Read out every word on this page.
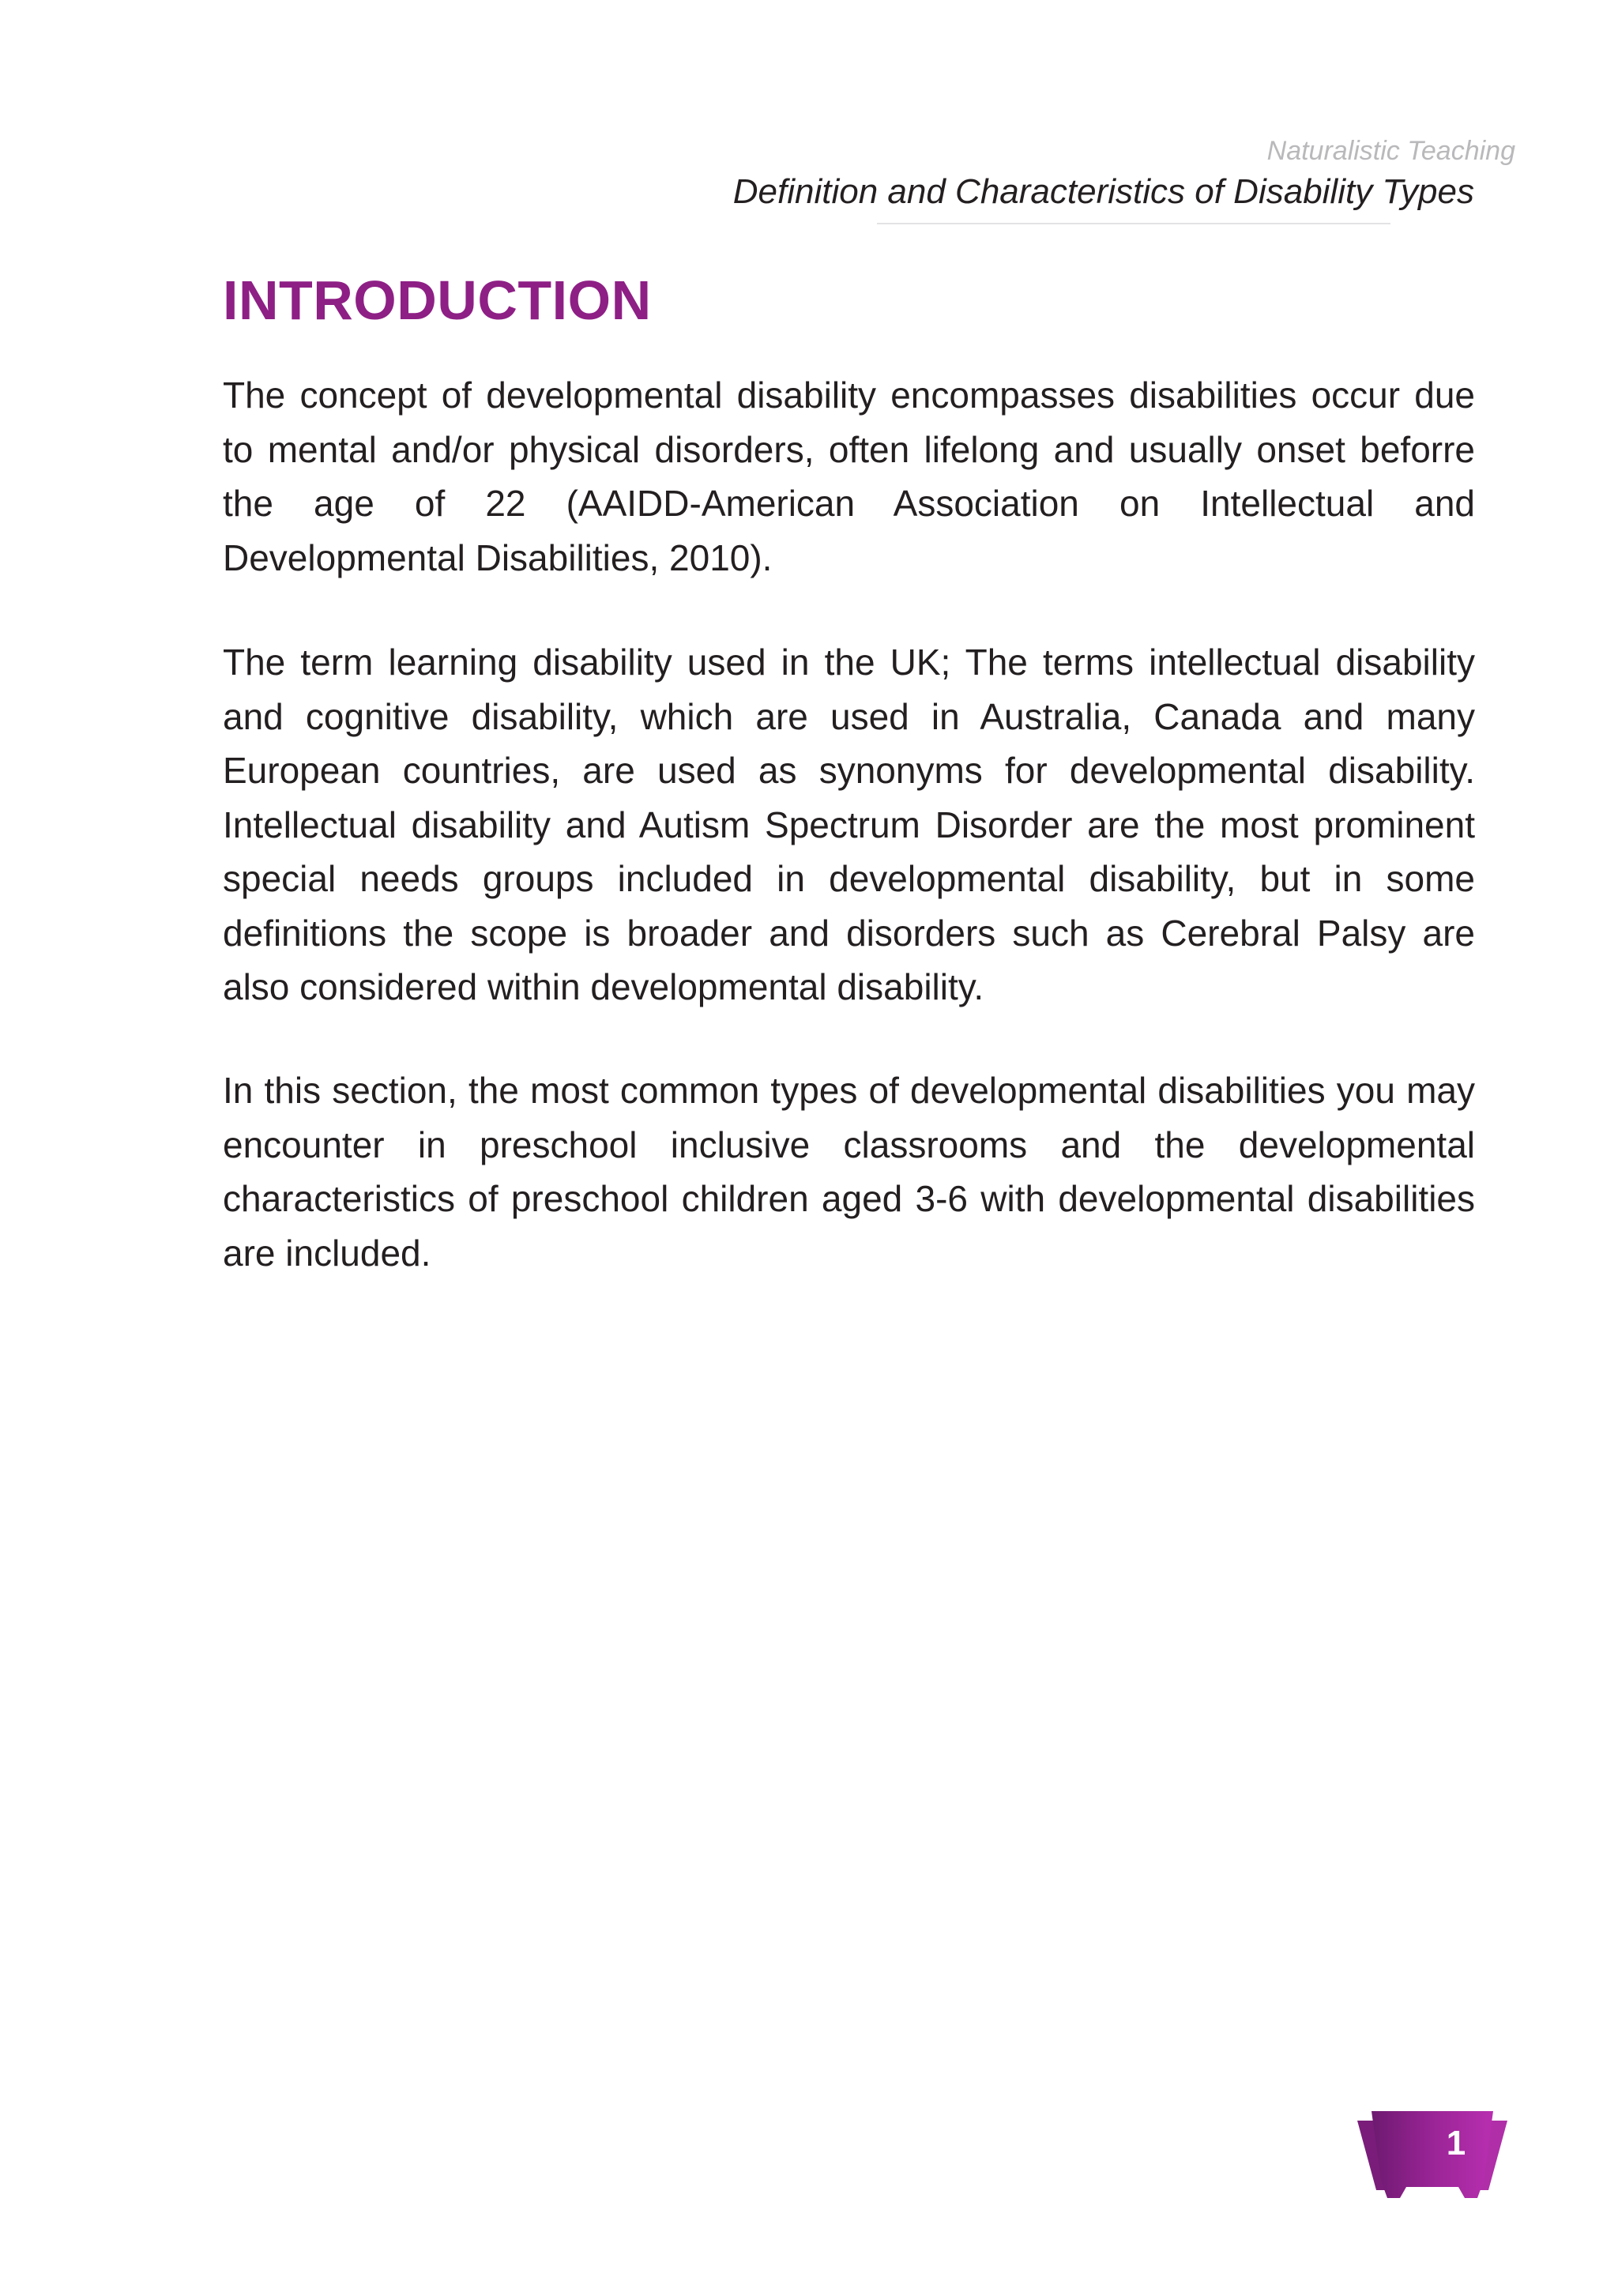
Naturalistic Teaching
Definition and Characteristics of Disability Types
INTRODUCTION

The concept of developmental disability encompasses disabilities occur due to mental and/or physical disorders, often lifelong and usually onset beforre the age of 22 (AAIDD-American Association on Intellectual and Developmental Disabilities, 2010).

The term learning disability used in the UK; The terms intellectual disability and cognitive disability, which are used in Australia, Canada and many European countries, are used as synonyms for developmental disability. Intellectual disability and Autism Spectrum Disorder are the most prominent special needs groups included in developmental disability, but in some definitions the scope is broader and disorders such as Cerebral Palsy are also considered within developmental disability.

In this section, the most common types of developmental disabilities you may encounter in preschool inclusive classrooms and the developmental characteristics of preschool children aged 3-6 with developmental disabilities are included.

1
